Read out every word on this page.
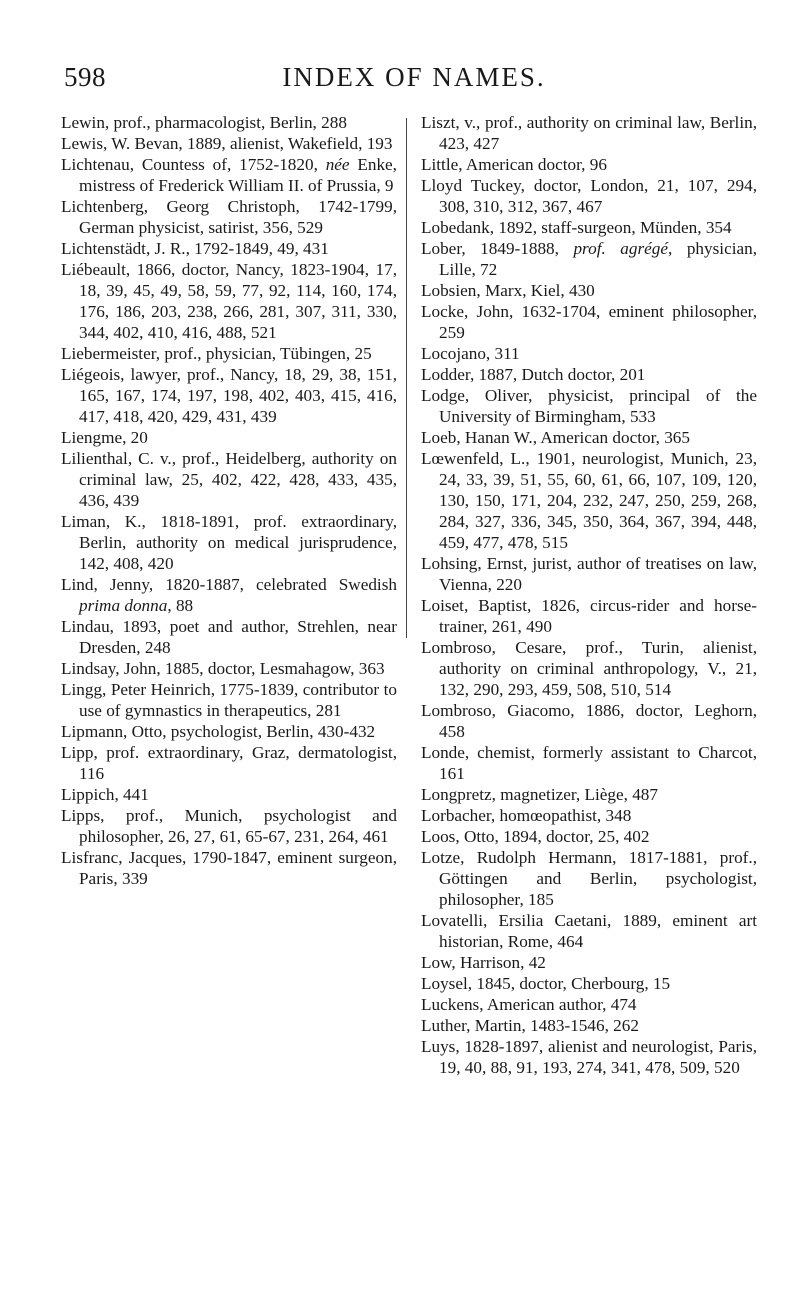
598	INDEX OF NAMES.

Lewin, prof., pharmacologist, Berlin, 288

Lewis, W. Bevan, 1889, alienist, Wakefield, 193

Lichtenau, Countess of, 1752-1820, née Enke, mistress of Frederick William II. of Prussia, 9

Lichtenberg, Georg Christoph, 1742-1799, German physicist, satirist, 356, 529

Lichtenstädt, J. R., 1792-1849, 49, 431

Liébeault, 1866, doctor, Nancy, 1823-1904, 17, 18, 39, 45, 49, 58, 59, 77, 92, 114, 160, 174, 176, 186, 203, 238, 266, 281, 307, 311, 330, 344, 402, 410, 416, 488, 521

Liebermeister, prof., physician, Tübingen, 25

Liégeois, lawyer, prof., Nancy, 18, 29, 38, 151, 165, 167, 174, 197, 198, 402, 403, 415, 416, 417, 418, 420, 429, 431, 439

Liengme, 20

Lilienthal, C. v., prof., Heidelberg, authority on criminal law, 25, 402, 422, 428, 433, 435, 436, 439

Liman, K., 1818-1891, prof. extraordinary, Berlin, authority on medical jurisprudence, 142, 408, 420

Lind, Jenny, 1820-1887, celebrated Swedish prima donna, 88

Lindau, 1893, poet and author, Strehlen, near Dresden, 248

Lindsay, John, 1885, doctor, Lesmahagow, 363

Lingg, Peter Heinrich, 1775-1839, contributor to use of gymnastics in therapeutics, 281

Lipmann, Otto, psychologist, Berlin, 430-432

Lipp, prof. extraordinary, Graz, dermatologist, 116

Lippich, 441

Lipps, prof., Munich, psychologist and philosopher, 26, 27, 61, 65-67, 231, 264, 461

Lisfranc, Jacques, 1790-1847, eminent surgeon, Paris, 339

Liszt, v., prof., authority on criminal law, Berlin, 423, 427

Little, American doctor, 96

Lloyd Tuckey, doctor, London, 21, 107, 294, 308, 310, 312, 367, 467

Lobedank, 1892, staff-surgeon, Münden, 354

Lober, 1849-1888, prof. agrégé, physician, Lille, 72

Lobsien, Marx, Kiel, 430

Locke, John, 1632-1704, eminent philosopher, 259

Locojano, 311

Lodder, 1887, Dutch doctor, 201

Lodge, Oliver, physicist, principal of the University of Birmingham, 533

Loeb, Hanan W., American doctor, 365

Lœwenfeld, L., 1901, neurologist, Munich, 23, 24, 33, 39, 51, 55, 60, 61, 66, 107, 109, 120, 130, 150, 171, 204, 232, 247, 250, 259, 268, 284, 327, 336, 345, 350, 364, 367, 394, 448, 459, 477, 478, 515

Lohsing, Ernst, jurist, author of treatises on law, Vienna, 220

Loiset, Baptist, 1826, circus-rider and horse-trainer, 261, 490

Lombroso, Cesare, prof., Turin, alienist, authority on criminal anthropology, V., 21, 132, 290, 293, 459, 508, 510, 514

Lombroso, Giacomo, 1886, doctor, Leghorn, 458

Londe, chemist, formerly assistant to Charcot, 161

Longpretz, magnetizer, Liège, 487

Lorbacher, homœopathist, 348

Loos, Otto, 1894, doctor, 25, 402

Lotze, Rudolph Hermann, 1817-1881, prof., Göttingen and Berlin, psychologist, philosopher, 185

Lovatelli, Ersilia Caetani, 1889, eminent art historian, Rome, 464

Low, Harrison, 42

Loysel, 1845, doctor, Cherbourg, 15

Luckens, American author, 474

Luther, Martin, 1483-1546, 262

Luys, 1828-1897, alienist and neurologist, Paris, 19, 40, 88, 91, 193, 274, 341, 478, 509, 520
